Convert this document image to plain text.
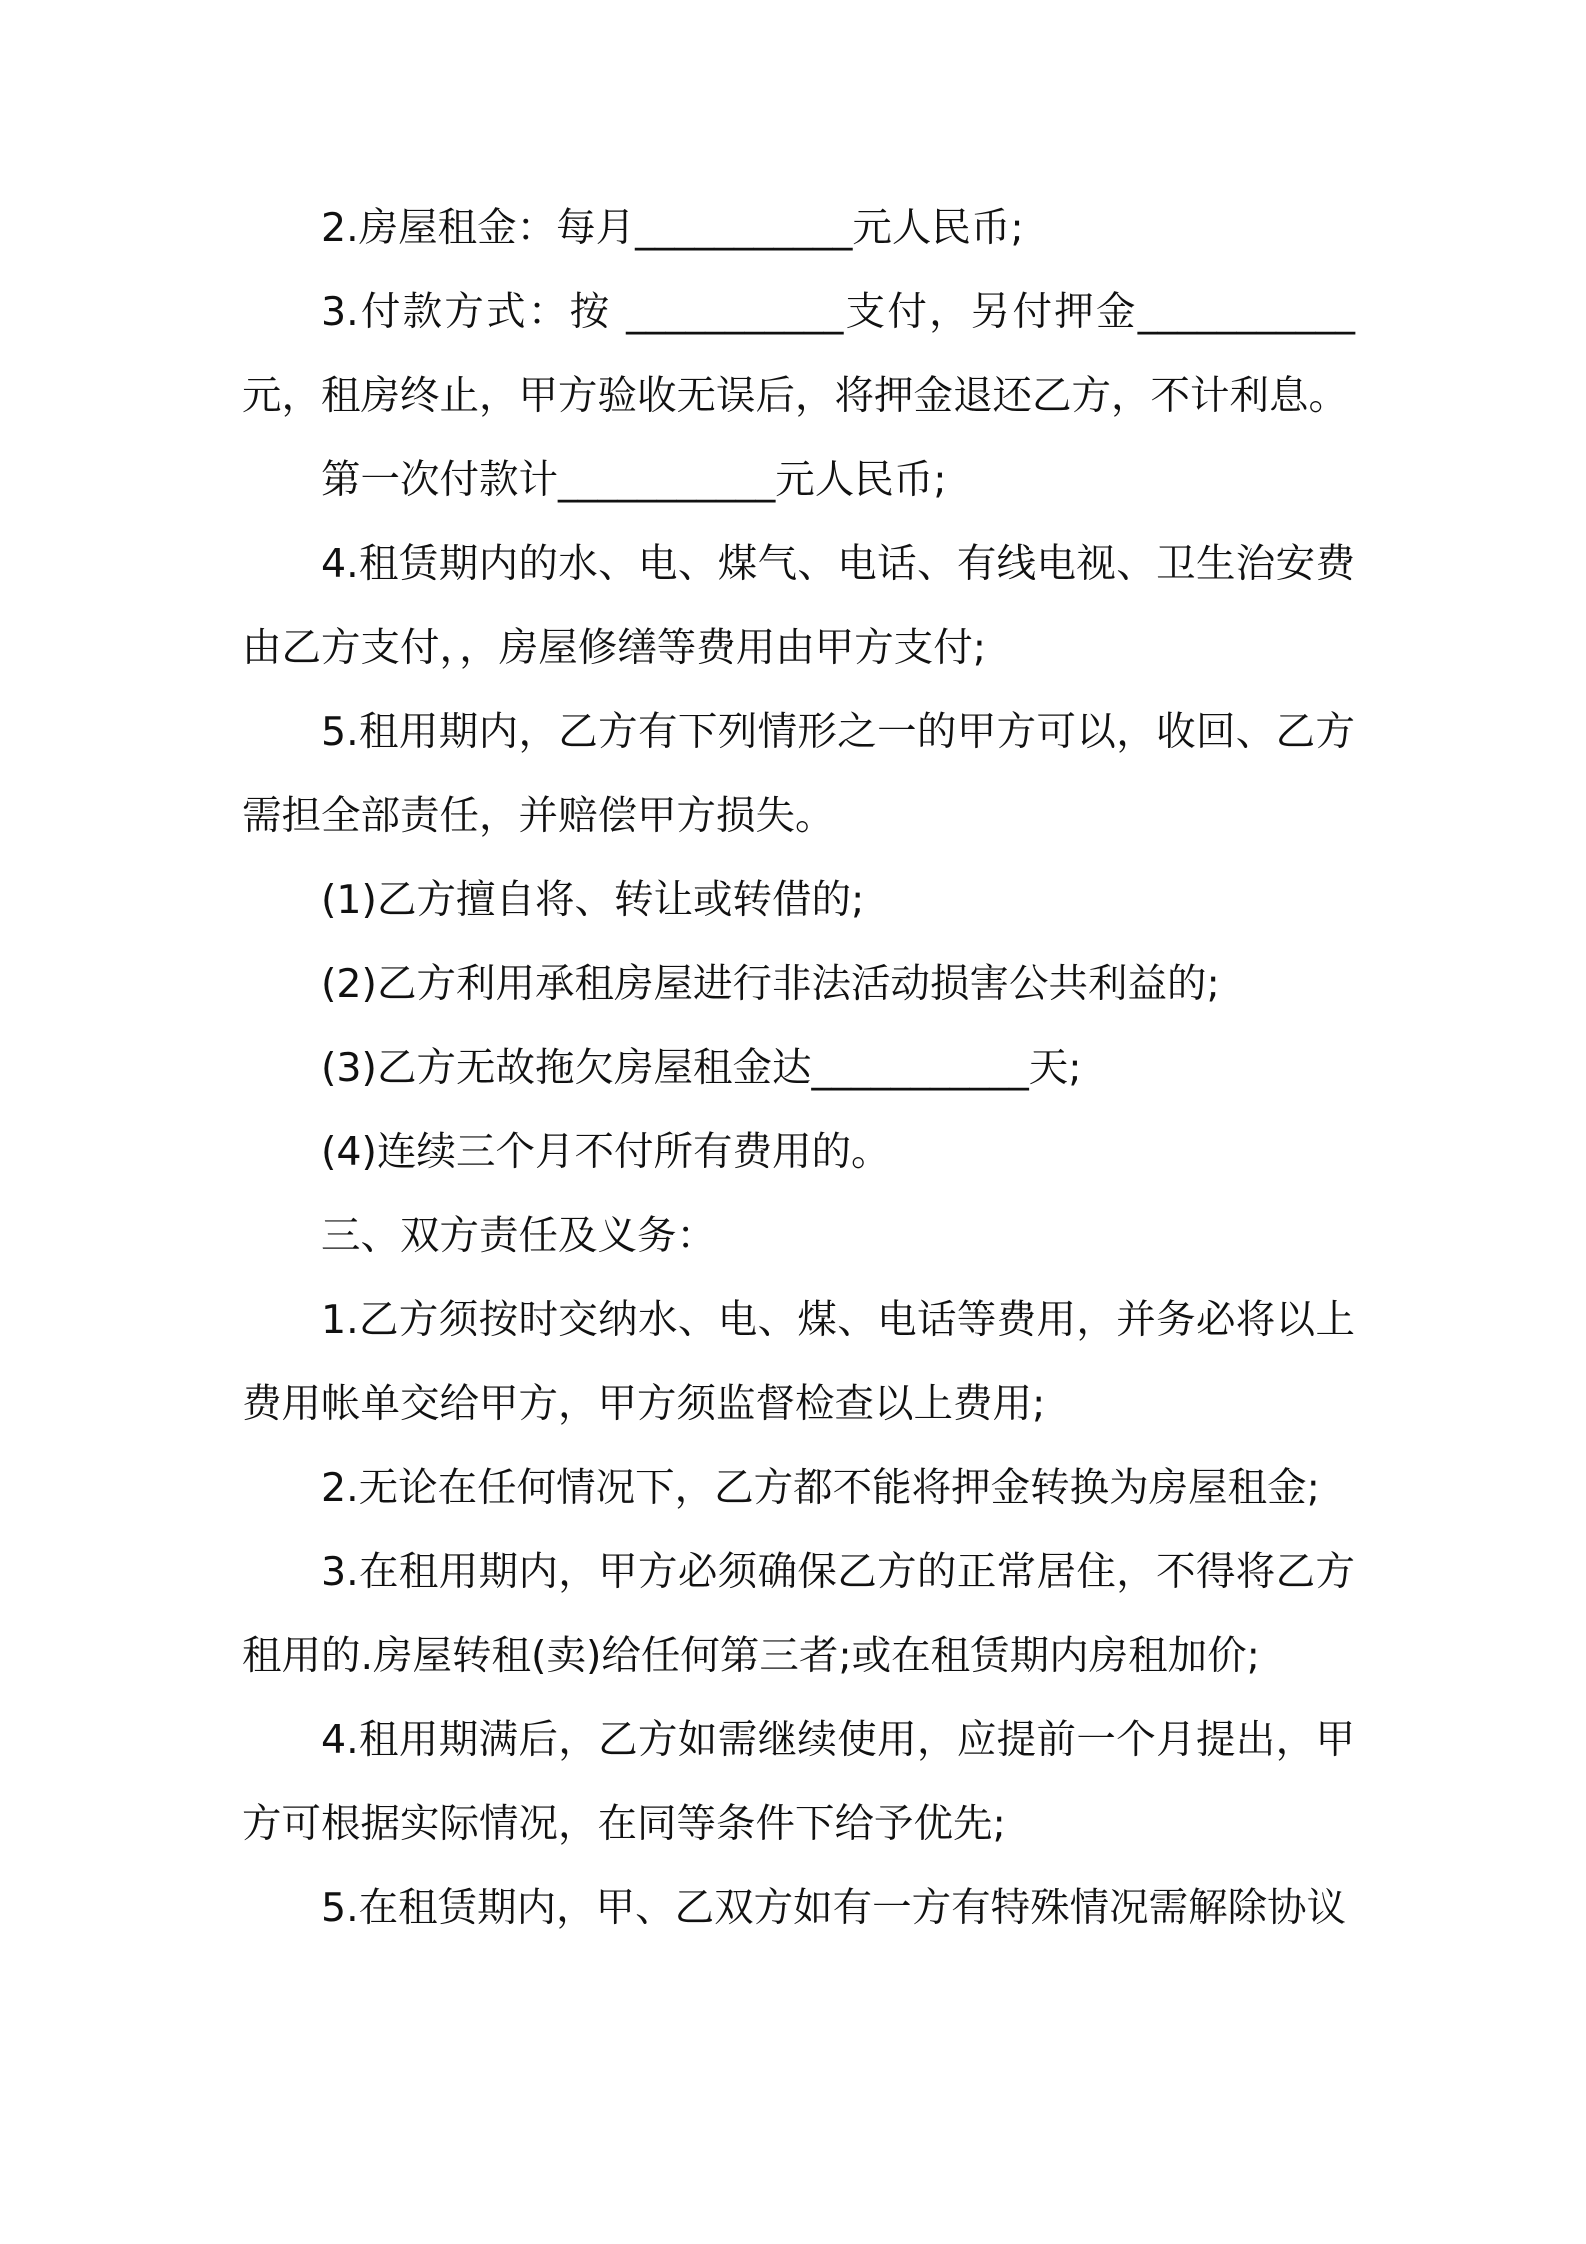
2.房屋租金：每月___________元人民币;

3.付款方式：按 ___________支付，另付押金___________元，租房终止，甲方验收无误后，将押金退还乙方，不计利息。

第一次付款计___________元人民币;

4.租赁期内的水、电、煤气、电话、有线电视、卫生治安费由乙方支付，，房屋修缮等费用由甲方支付;

5.租用期内，乙方有下列情形之一的甲方可以，收回、乙方需担全部责任，并赔偿甲方损失。

(1)乙方擅自将、转让或转借的;

(2)乙方利用承租房屋进行非法活动损害公共利益的;

(3)乙方无故拖欠房屋租金达___________天;

(4)连续三个月不付所有费用的。

三、双方责任及义务：

1.乙方须按时交纳水、电、煤、电话等费用，并务必将以上费用帐单交给甲方，甲方须监督检查以上费用;

2.无论在任何情况下，乙方都不能将押金转换为房屋租金;

3.在租用期内，甲方必须确保乙方的正常居住，不得将乙方租用的.房屋转租(卖)给任何第三者;或在租赁期内房租加价;

4.租用期满后，乙方如需继续使用，应提前一个月提出，甲方可根据实际情况，在同等条件下给予优先;

5.在租赁期内，甲、乙双方如有一方有特殊情况需解除协议
